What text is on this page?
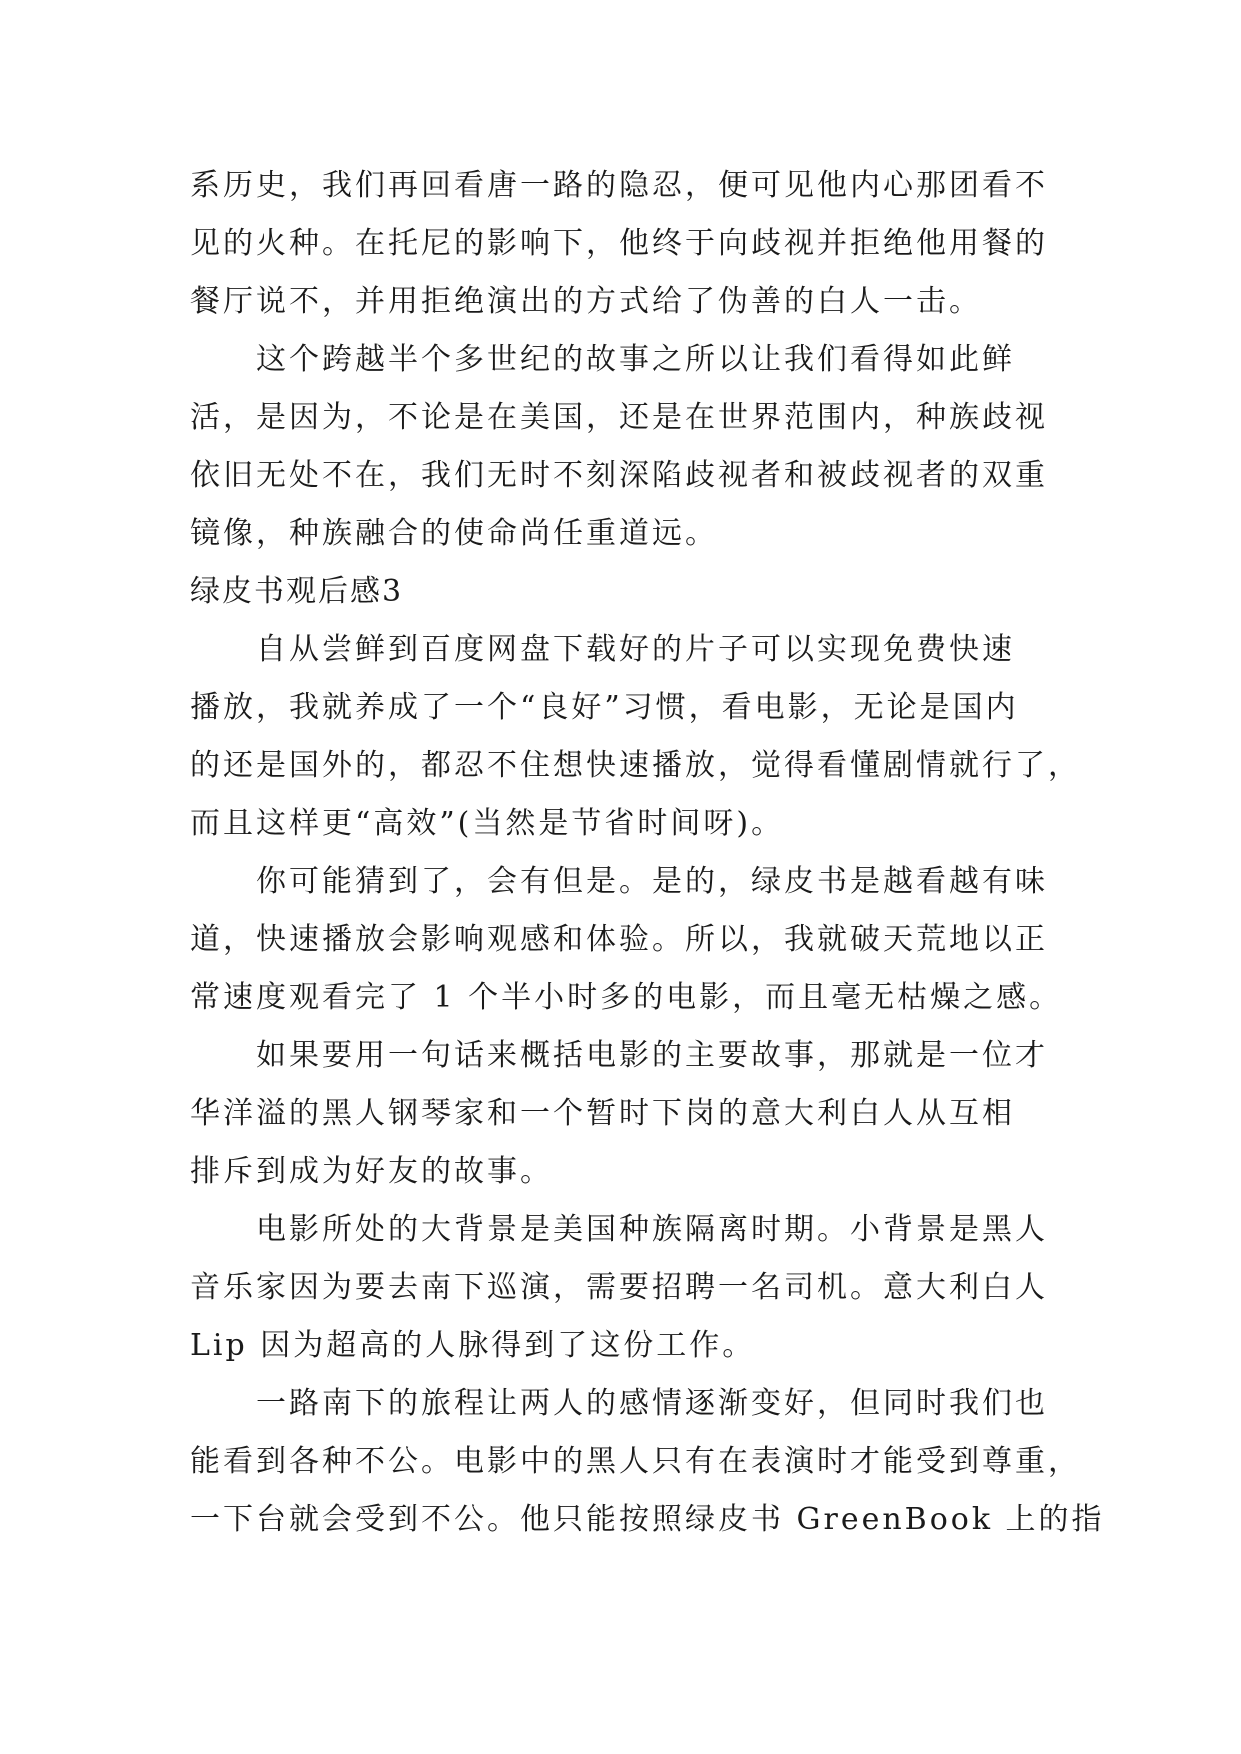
系历史，我们再回看唐一路的隐忍，便可见他内心那团看不
见的火种。在托尼的影响下，他终于向歧视并拒绝他用餐的
餐厅说不，并用拒绝演出的方式给了伪善的白人一击。
这个跨越半个多世纪的故事之所以让我们看得如此鲜
活，是因为，不论是在美国，还是在世界范围内，种族歧视
依旧无处不在，我们无时不刻深陷歧视者和被歧视者的双重
镜像，种族融合的使命尚任重道远。
绿皮书观后感3
自从尝鲜到百度网盘下载好的片子可以实现免费快速
播放，我就养成了一个“良好”习惯，看电影，无论是国内
的还是国外的，都忍不住想快速播放，觉得看懂剧情就行了，
而且这样更“高效”(当然是节省时间呀)。
你可能猜到了，会有但是。是的，绿皮书是越看越有味
道，快速播放会影响观感和体验。所以，我就破天荒地以正
常速度观看完了 1 个半小时多的电影，而且毫无枯燥之感。
如果要用一句话来概括电影的主要故事，那就是一位才
华洋溢的黑人钢琴家和一个暂时下岗的意大利白人从互相
排斥到成为好友的故事。
电影所处的大背景是美国种族隔离时期。小背景是黑人
音乐家因为要去南下巡演，需要招聘一名司机。意大利白人
Lip 因为超高的人脉得到了这份工作。
一路南下的旅程让两人的感情逐渐变好，但同时我们也
能看到各种不公。电影中的黑人只有在表演时才能受到尊重，
一下台就会受到不公。他只能按照绿皮书 GreenBook 上的指
